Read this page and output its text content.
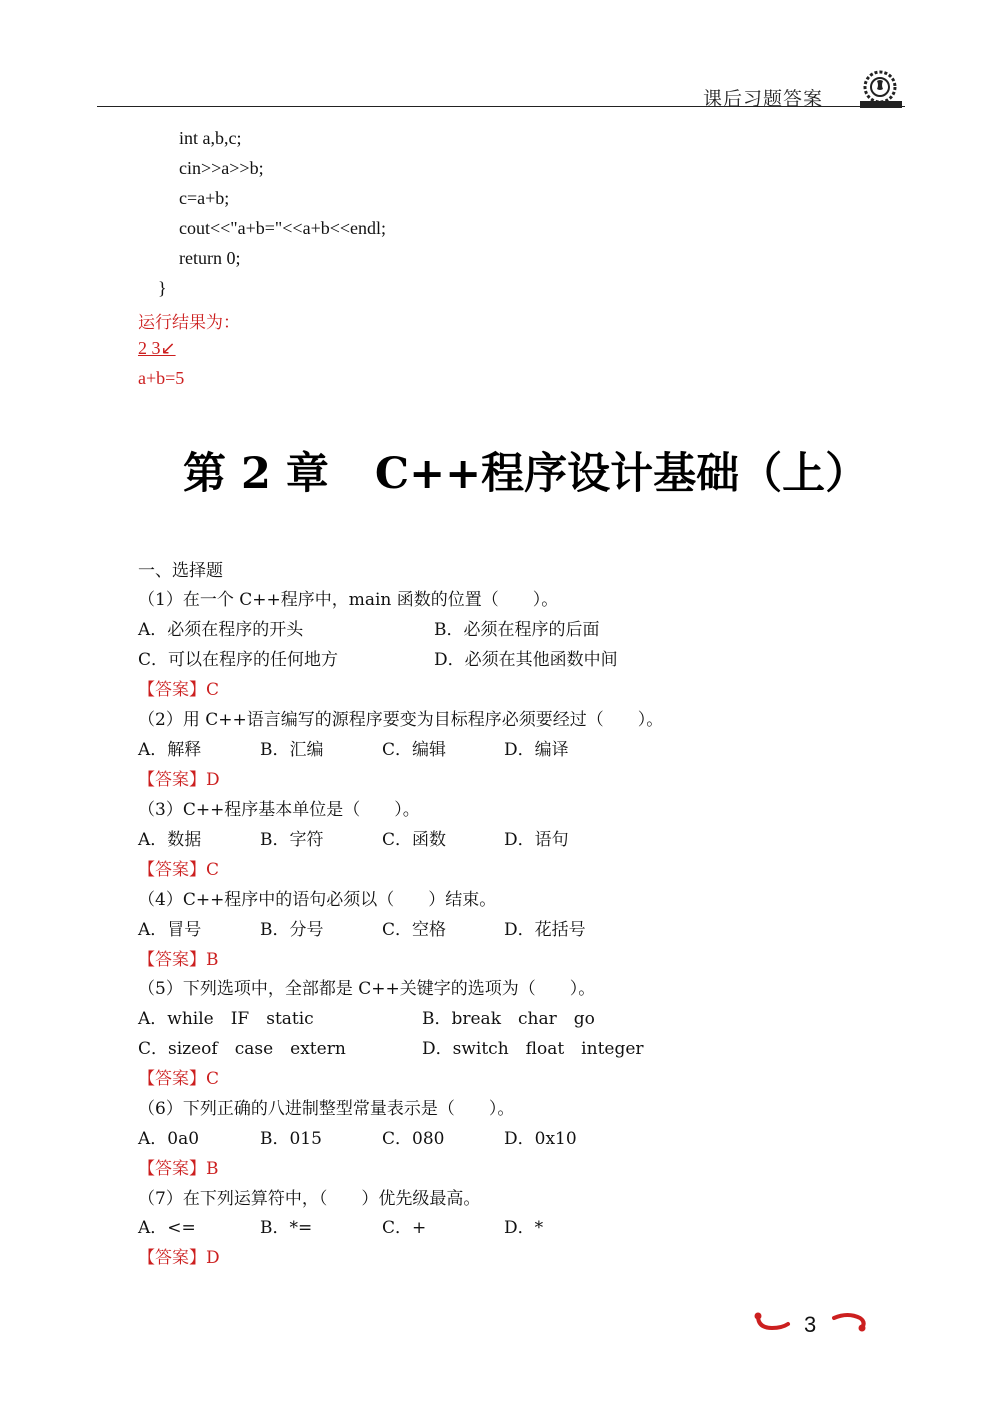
课后习题答案
int a,b,c;
cin>>a>>b;
c=a+b;
cout<<"a+b="<<a+b<<endl;
return 0;
}
运行结果为：
2 3↙
a+b=5
第 2 章 C++程序设计基础（上）
一、选择题
（1）在一个 C++程序中，main 函数的位置（　　）。
A．必须在程序的开头	B．必须在程序的后面
C．可以在程序的任何地方	D．必须在其他函数中间
【答案】C
（2）用 C++语言编写的源程序要变为目标程序必须要经过（　　）。
A．解释	B．汇编	C．编辑	D．编译
【答案】D
（3）C++程序基本单位是（　　）。
A．数据	B．字符	C．函数	D．语句
【答案】C
（4）C++程序中的语句必须以（　　）结束。
A．冒号	B．分号	C．空格	D．花括号
【答案】B
（5）下列选项中，全部都是 C++关键字的选项为（　　）。
A．while　IF　static	B．break　char　go
C．sizeof　case　extern	D．switch　float　integer
【答案】C
（6）下列正确的八进制整型常量表示是（　　）。
A．0a0	B．015	C．080	D．0x10
【答案】B
（7）在下列运算符中，（　　）优先级最高。
A．<=	B．*=	C．+	D．*
【答案】D
3
